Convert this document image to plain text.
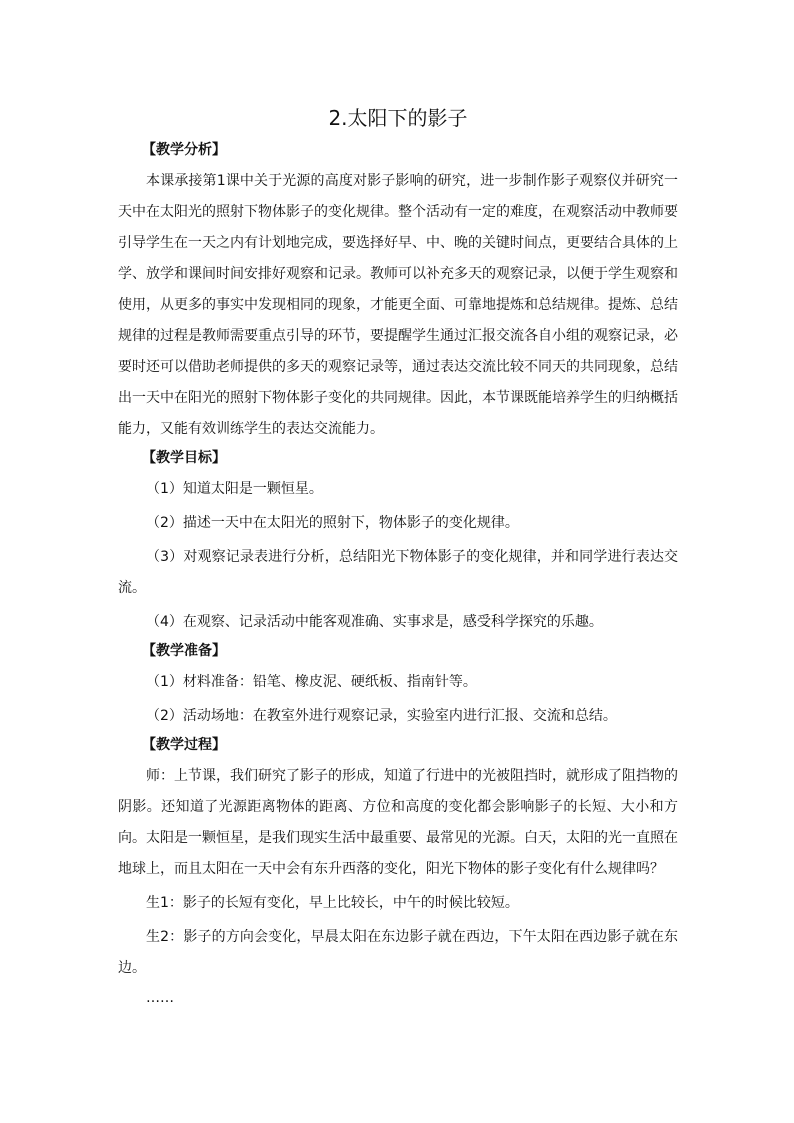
2.太阳下的影子
【教学分析】

本课承接第1课中关于光源的高度对影子影响的研究，进一步制作影子观察仪并研究一天中在太阳光的照射下物体影子的变化规律。整个活动有一定的难度，在观察活动中教师要引导学生在一天之内有计划地完成，要选择好早、中、晚的关键时间点，更要结合具体的上学、放学和课间时间安排好观察和记录。教师可以补充多天的观察记录，以便于学生观察和使用，从更多的事实中发现相同的现象，才能更全面、可靠地提炼和总结规律。提炼、总结规律的过程是教师需要重点引导的环节，要提醒学生通过汇报交流各自小组的观察记录，必要时还可以借助老师提供的多天的观察记录等，通过表达交流比较不同天的共同现象，总结出一天中在阳光的照射下物体影子变化的共同规律。因此，本节课既能培养学生的归纳概括能力，又能有效训练学生的表达交流能力。

【教学目标】

（1）知道太阳是一颗恒星。

（2）描述一天中在太阳光的照射下，物体影子的变化规律。

（3）对观察记录表进行分析，总结阳光下物体影子的变化规律，并和同学进行表达交流。

（4）在观察、记录活动中能客观准确、实事求是，感受科学探究的乐趣。

【教学准备】

（1）材料准备：铅笔、橡皮泥、硬纸板、指南针等。

（2）活动场地：在教室外进行观察记录，实验室内进行汇报、交流和总结。

【教学过程】

师：上节课，我们研究了影子的形成，知道了行进中的光被阻挡时，就形成了阻挡物的阴影。还知道了光源距离物体的距离、方位和高度的变化都会影响影子的长短、大小和方向。太阳是一颗恒星，是我们现实生活中最重要、最常见的光源。白天，太阳的光一直照在地球上，而且太阳在一天中会有东升西落的变化，阳光下物体的影子变化有什么规律吗？

生1：影子的长短有变化，早上比较长，中午的时候比较短。

生2：影子的方向会变化，早晨太阳在东边影子就在西边，下午太阳在西边影子就在东边。

……
